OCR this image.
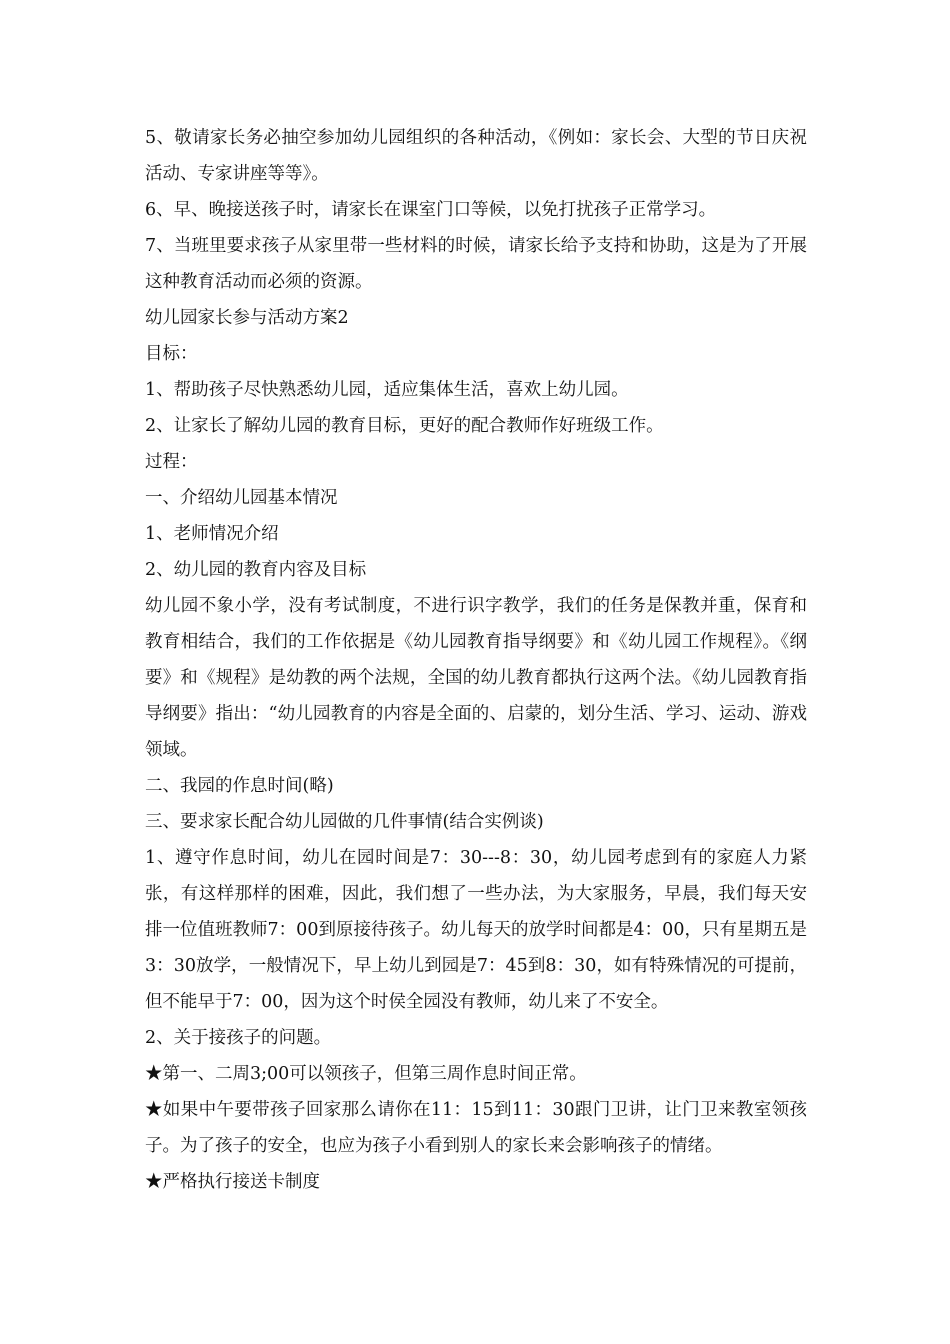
5、敬请家长务必抽空参加幼儿园组织的各种活动，《例如：家长会、大型的节日庆祝活动、专家讲座等等》。

6、早、晚接送孩子时，请家长在课室门口等候，以免打扰孩子正常学习。

7、当班里要求孩子从家里带一些材料的时候，请家长给予支持和协助，这是为了开展这种教育活动而必须的资源。

幼儿园家长参与活动方案2

目标：

1、帮助孩子尽快熟悉幼儿园，适应集体生活，喜欢上幼儿园。

2、让家长了解幼儿园的教育目标，更好的配合教师作好班级工作。

过程：

一、介绍幼儿园基本情况

1、老师情况介绍

2、幼儿园的教育内容及目标

幼儿园不象小学，没有考试制度，不进行识字教学，我们的任务是保教并重，保育和教育相结合，我们的工作依据是《幼儿园教育指导纲要》和《幼儿园工作规程》。《纲要》和《规程》是幼教的两个法规，全国的幼儿教育都执行这两个法。《幼儿园教育指导纲要》指出：“幼儿园教育的内容是全面的、启蒙的，划分生活、学习、运动、游戏领域。

二、我园的作息时间(略)

三、要求家长配合幼儿园做的几件事情(结合实例谈)

1、遵守作息时间，幼儿在园时间是7：30---8：30，幼儿园考虑到有的家庭人力紧张，有这样那样的困难，因此，我们想了一些办法，为大家服务，早晨，我们每天安排一位值班教师7：00到原接待孩子。幼儿每天的放学时间都是4：00，只有星期五是3：30放学，一般情况下，早上幼儿到园是7：45到8：30，如有特殊情况的可提前，但不能早于7：00，因为这个时侯全园没有教师，幼儿来了不安全。

2、关于接孩子的问题。

★第一、二周3;00可以领孩子，但第三周作息时间正常。

★如果中午要带孩子回家那么请你在11：15到11：30跟门卫讲，让门卫来教室领孩子。为了孩子的安全，也应为孩子小看到别人的家长来会影响孩子的情绪。

★严格执行接送卡制度
